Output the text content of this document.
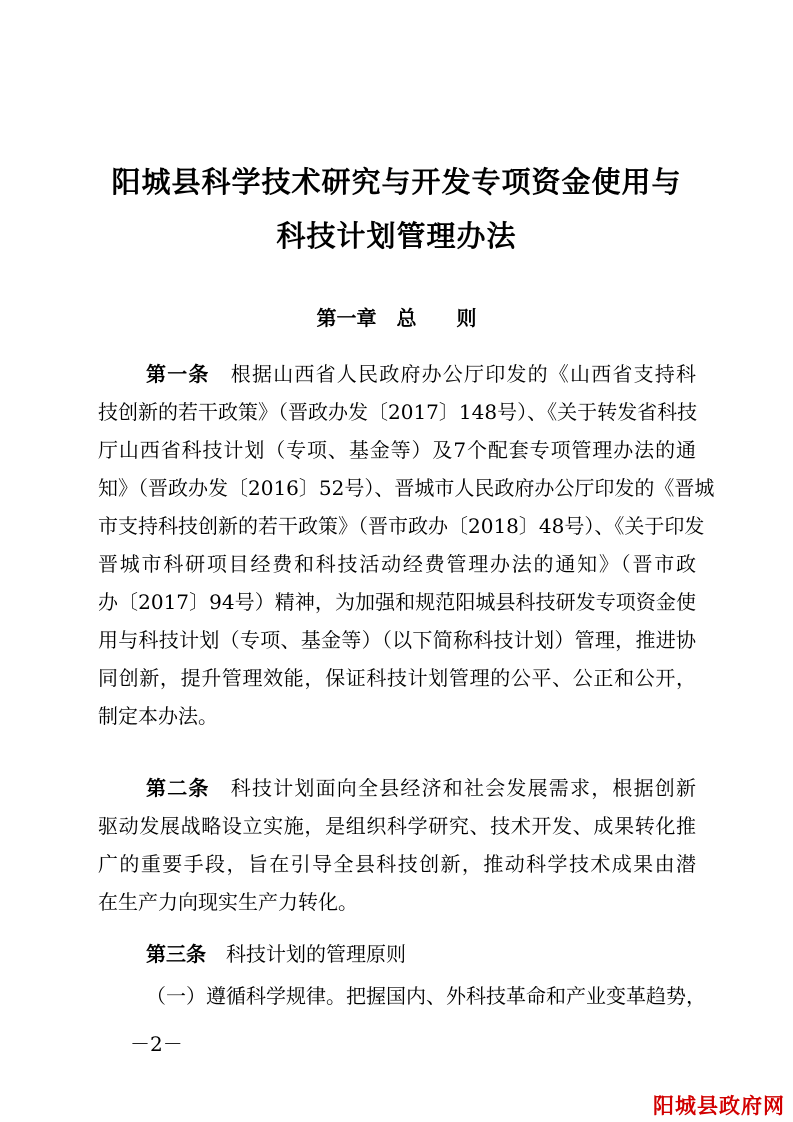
阳城县科学技术研究与开发专项资金使用与
科技计划管理办法
第一章　总　　则
第一条 根据山西省人民政府办公厅印发的《山西省支持科
技创新的若干政策》（晋政办发〔2017〕148号）、《关于转发省科技
厅山西省科技计划（专项、基金等）及7个配套专项管理办法的通
知》（晋政办发〔2016〕52号）、晋城市人民政府办公厅印发的《晋城
市支持科技创新的若干政策》（晋市政办〔2018〕48号）、《关于印发
晋城市科研项目经费和科技活动经费管理办法的通知》（晋市政
办〔2017〕94号）精神，为加强和规范阳城县科技研发专项资金使
用与科技计划（专项、基金等）（以下简称科技计划）管理，推进协
同创新，提升管理效能，保证科技计划管理的公平、公正和公开，
制定本办法。
第二条 科技计划面向全县经济和社会发展需求，根据创新
驱动发展战略设立实施，是组织科学研究、技术开发、成果转化推
广的重要手段，旨在引导全县科技创新，推动科学技术成果由潜
在生产力向现实生产力转化。
第三条 科技计划的管理原则
（一）遵循科学规律。把握国内、外科技革命和产业变革趋势，
－2－
阳城县政府网
